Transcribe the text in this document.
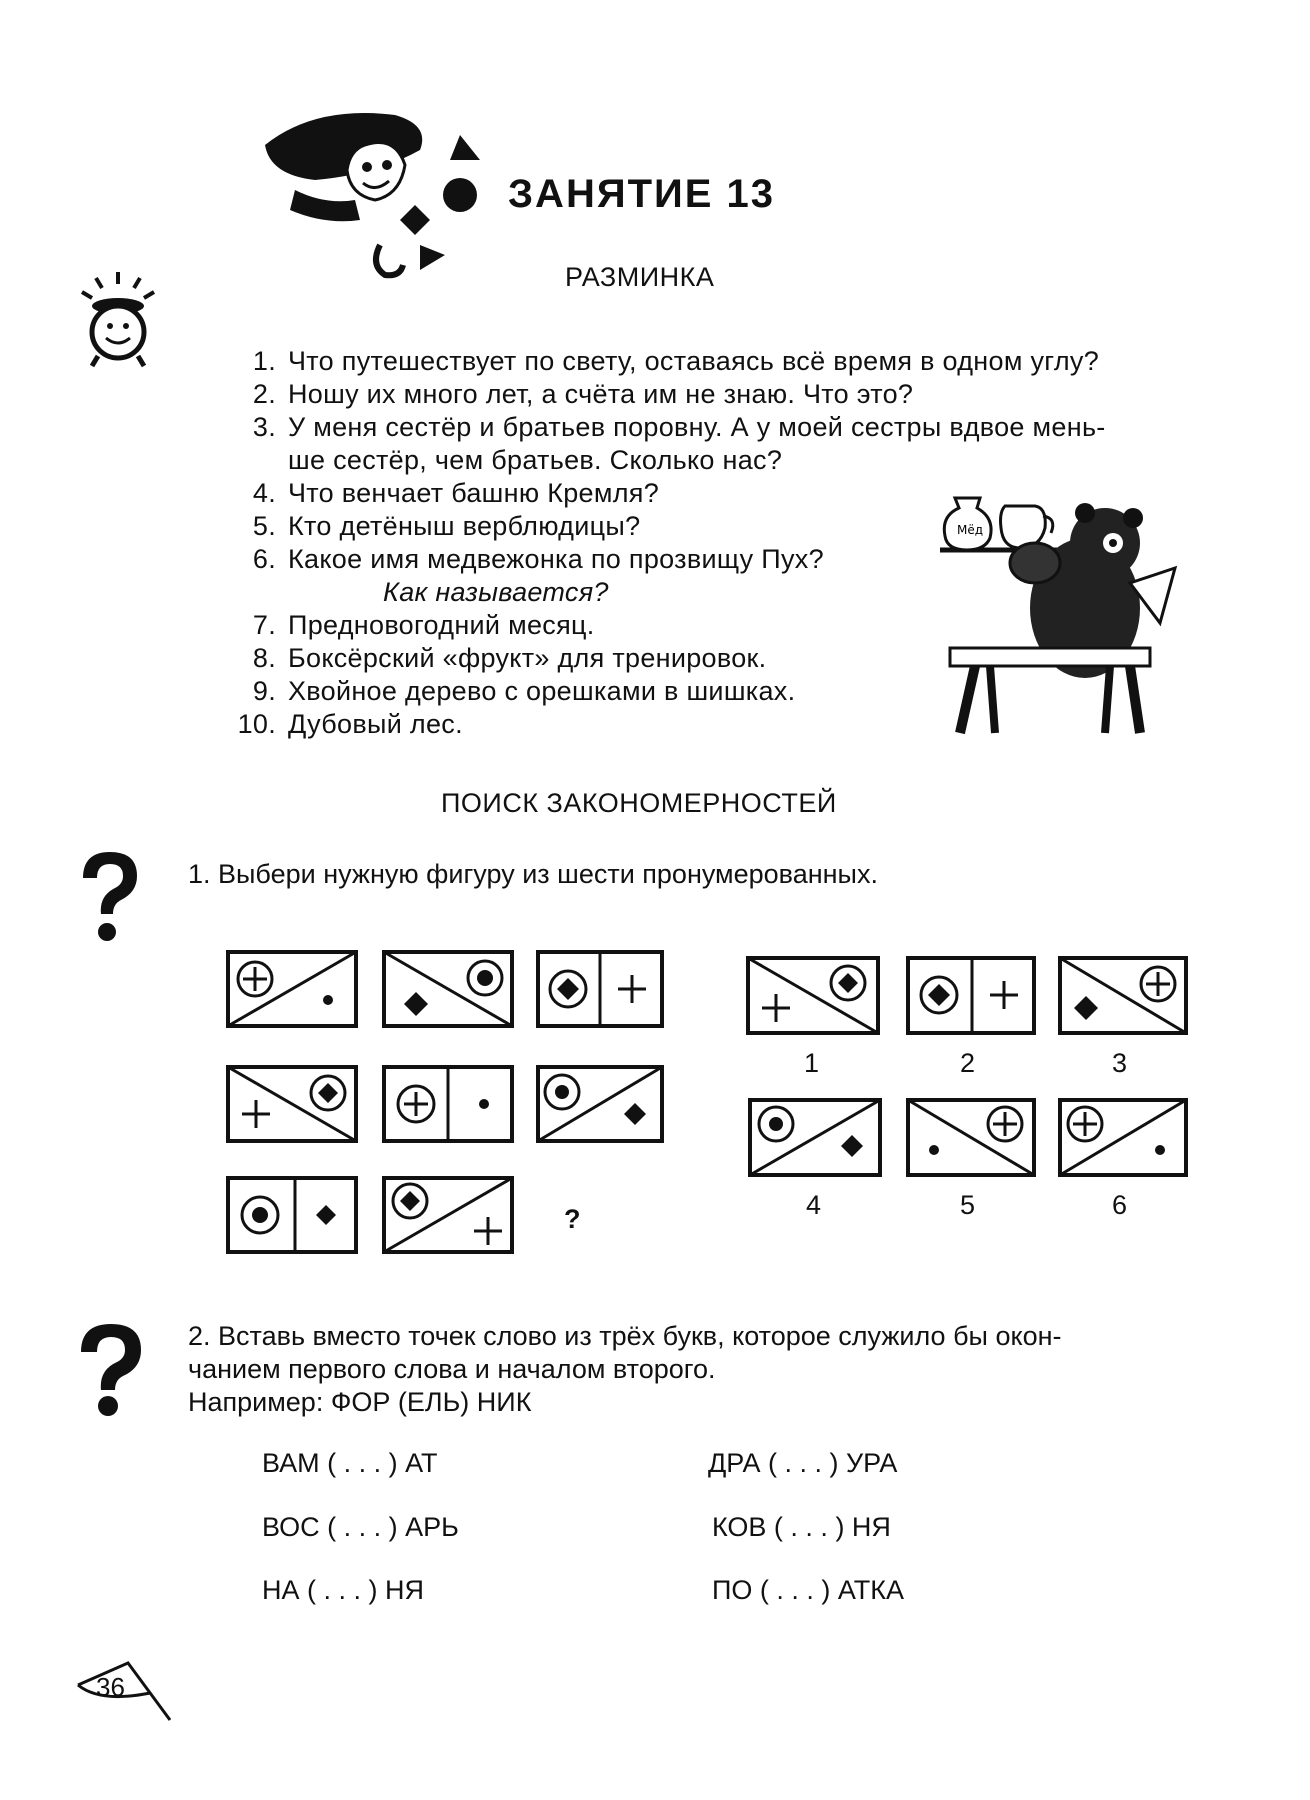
ЗАНЯТИЕ 13
РАЗМИНКА
1. Что путешествует по свету, оставаясь всё время в одном углу?
2. Ношу их много лет, а счёта им не знаю. Что это?
3. У меня сестёр и братьев поровну. А у моей сестры вдвое мень-
ше сестёр, чем братьев. Сколько нас?
4. Что венчает башню Кремля?
5. Кто детёныш верблюдицы?
6. Какое имя медвежонка по прозвищу Пух?
Как называется?
7. Предновогодний месяц.
8. Боксёрский «фрукт» для тренировок.
9. Хвойное дерево с орешками в шишках.
10. Дубовый лес.
Мёд
ПОИСК ЗАКОНОМЕРНОСТЕЙ
1. Выбери нужную фигуру из шести пронумерованных.
?
1	2	3
4	5	6
2. Вставь вместо точек слово из трёх букв, которое служило бы окон-
чанием первого слова и началом второго.
Например: ФОР (ЕЛЬ) НИК
ВАМ ( . . . ) АТ	ДРА ( . . . ) УРА
ВОС ( . . . ) АРЬ	КОВ ( . . . ) НЯ
НА ( . . . ) НЯ	ПО ( . . . ) АТКА
36
